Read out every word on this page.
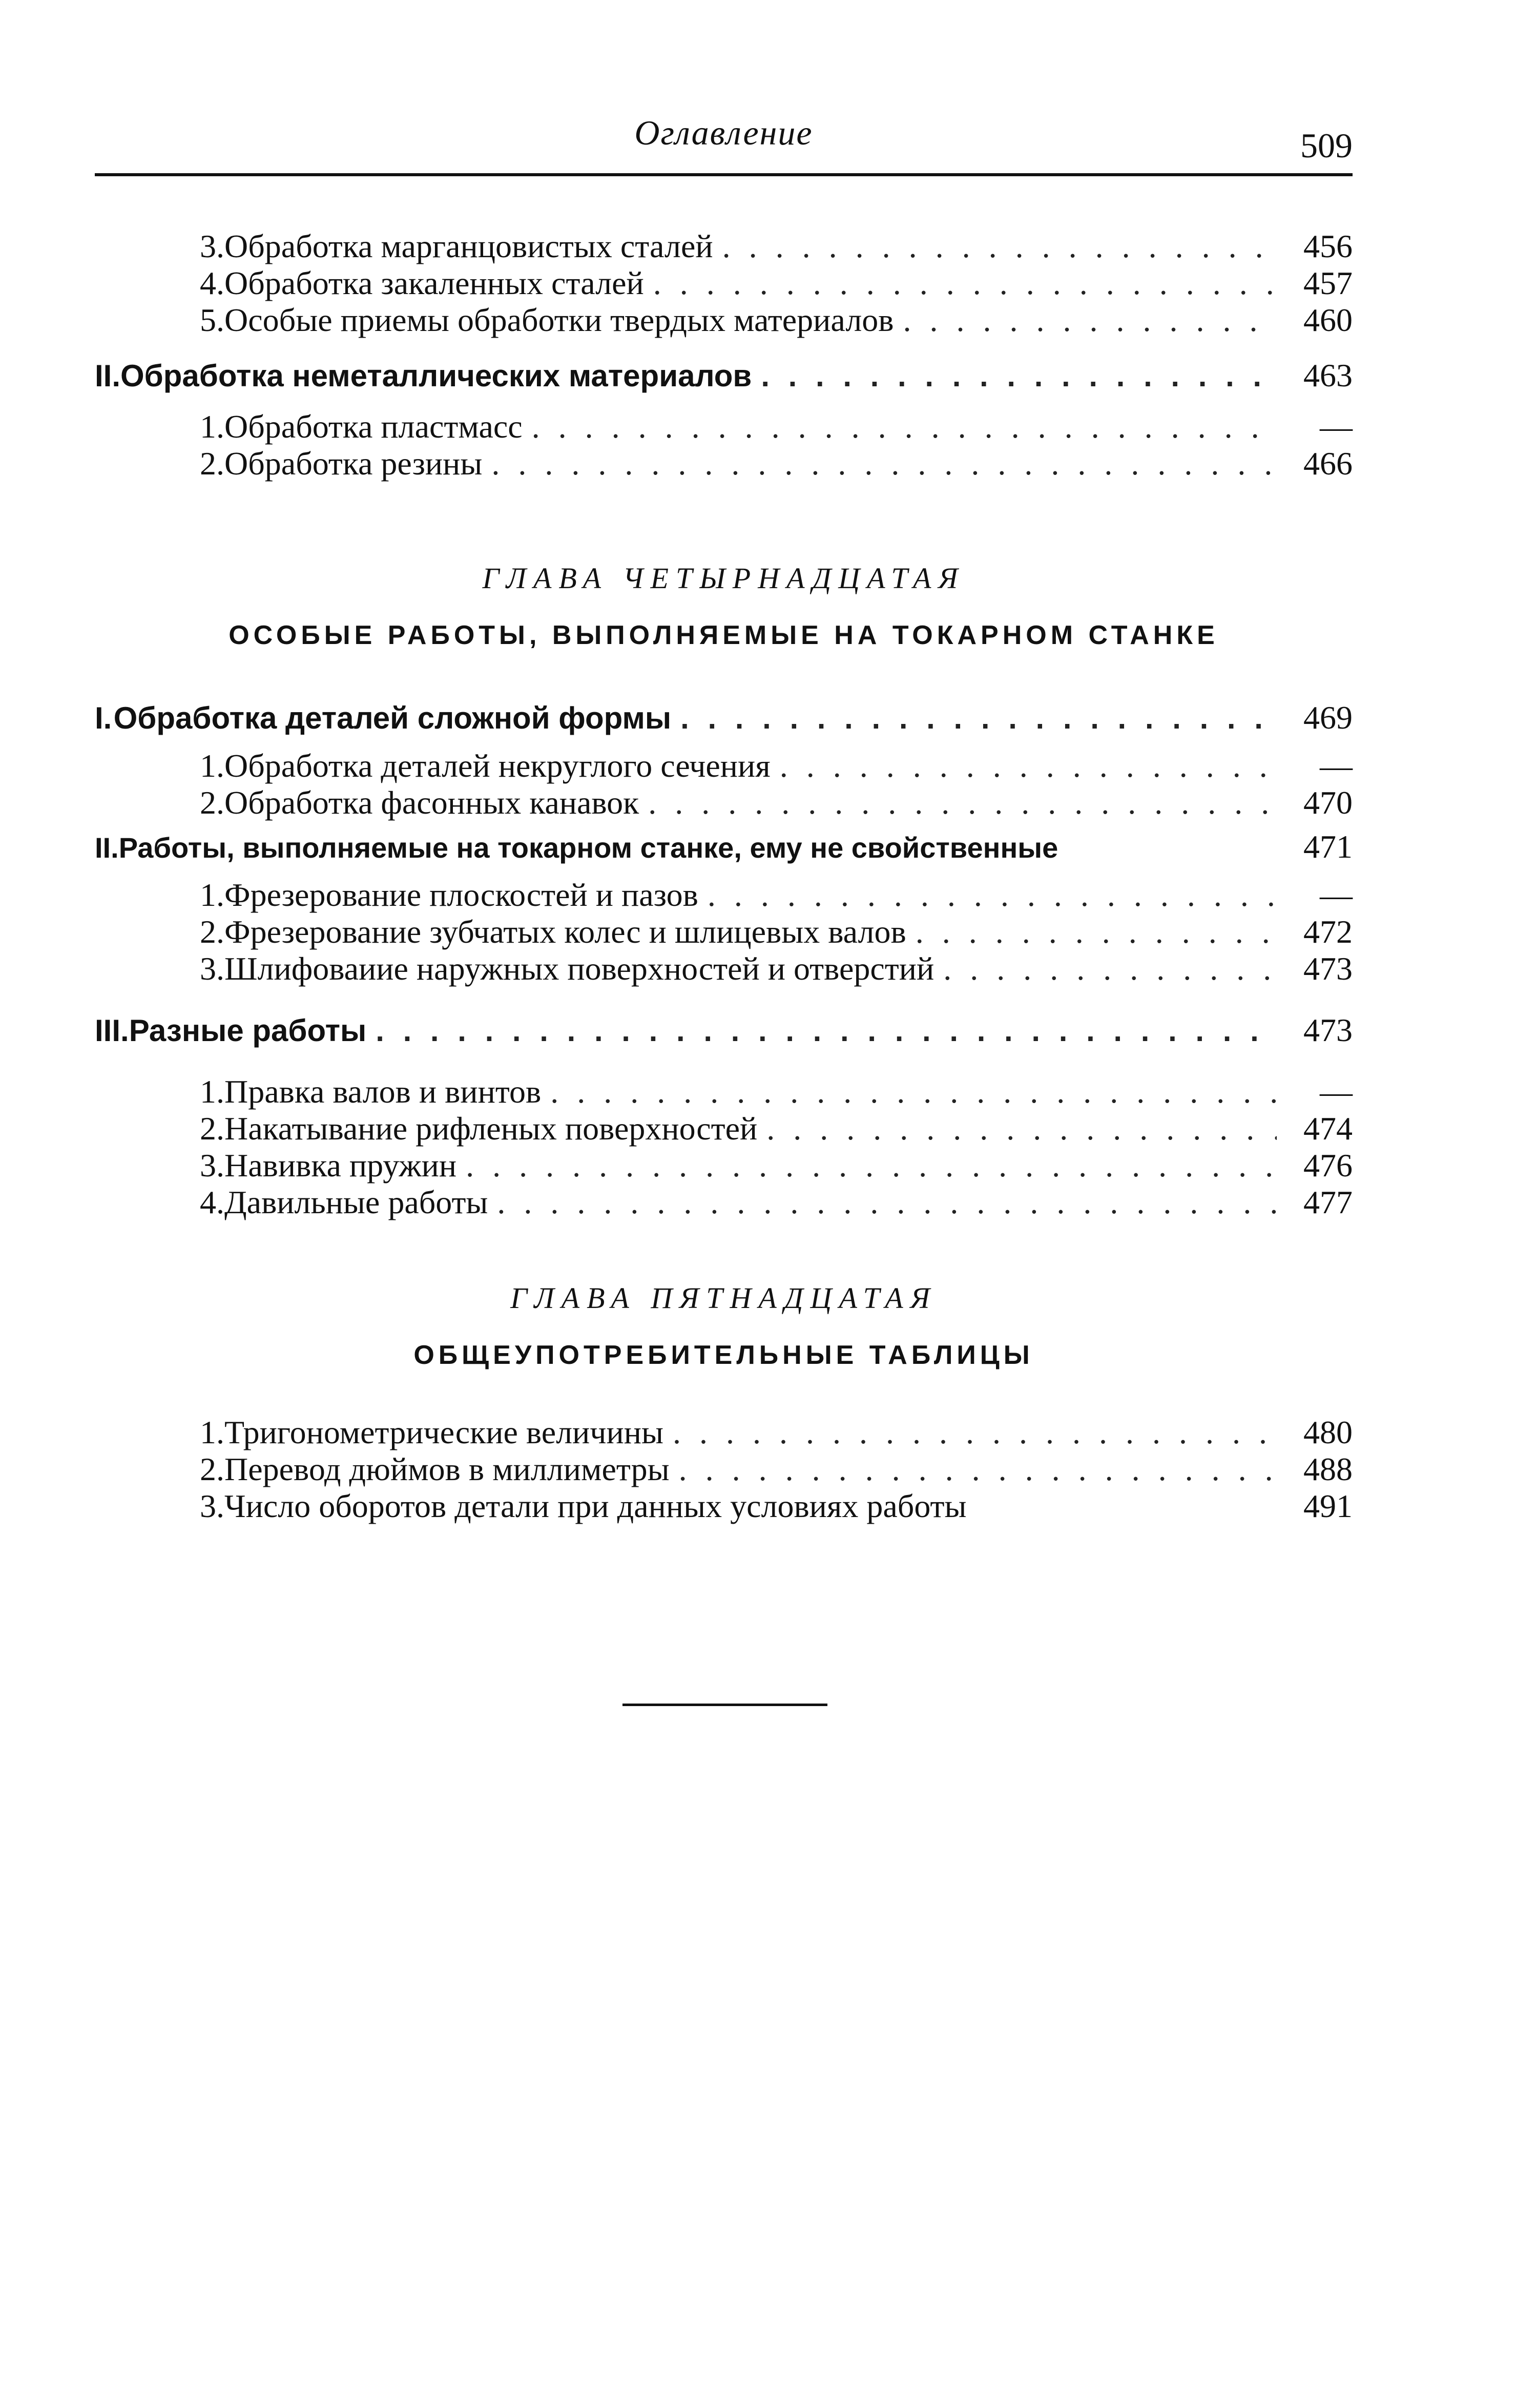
Оглавление	509
3. Обработка марганцовистых сталей . . .	456
4. Обработка закаленных сталей . . .	457
5. Особые приемы обработки твердых материалов . . .	460
II. Обработка неметаллических материалов . . .	463
1. Обработка пластмасс . . .	—
2. Обработка резины . . .	466
ГЛАВА ЧЕТЫРНАДЦАТАЯ
ОСОБЫЕ РАБОТЫ, ВЫПОЛНЯЕМЫЕ НА ТОКАРНОМ СТАНКЕ
I. Обработка деталей сложной формы . . .	469
1. Обработка деталей некруглого сечения . . .	—
2. Обработка фасонных канавок . . .	470
II. Работы, выполняемые на токарном станке, ему не свойственные	471
1. Фрезерование плоскостей и пазов . . .	—
2. Фрезерование зубчатых колес и шлицевых валов . . .	472
3. Шлифоваиие наружных поверхностей и отверстий . . .	473
III. Разные работы . . .	473
1. Правка валов и винтов . . .	—
2. Накатывание рифленых поверхностей . . .	474
3. Навивка пружин . . .	476
4. Давильные работы . . .	477
ГЛАВА ПЯТНАДЦАТАЯ
ОБЩЕУПОТРЕБИТЕЛЬНЫЕ ТАБЛИЦЫ
1. Тригонометрические величины . . .	480
2. Перевод дюймов в миллиметры . . .	488
3. Число оборотов детали при данных условиях работы	491
